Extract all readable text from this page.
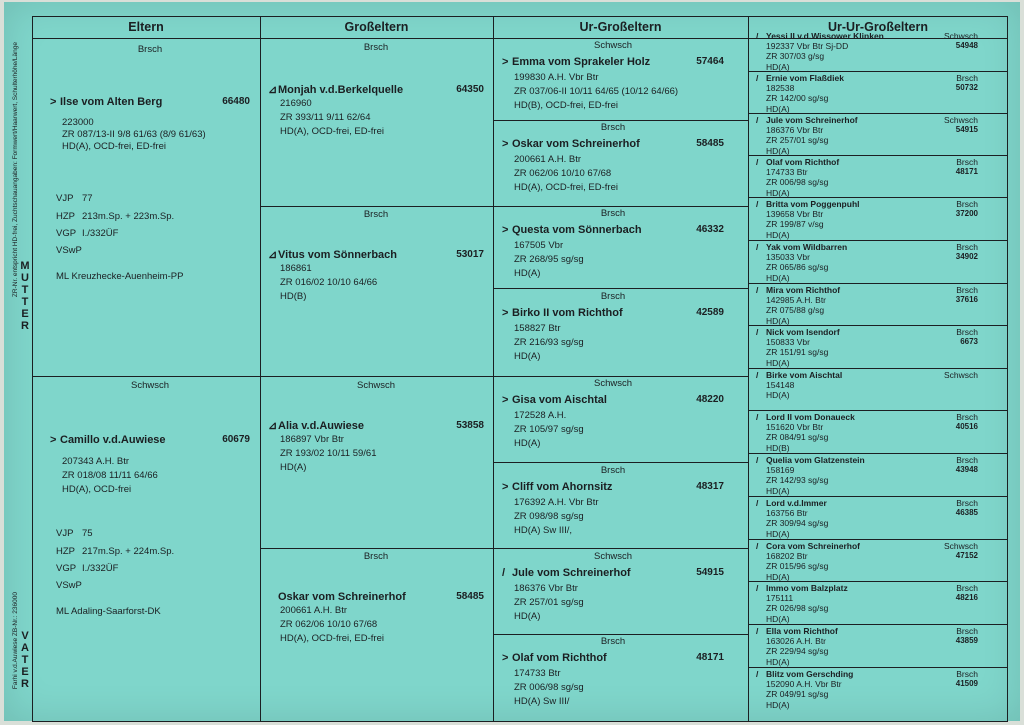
ZR-Nr. entspricht HD-frei, Zuchtschauangaben: Formwert/Haarwert, Schulterhöhe/Länge
Farhi v.d.Auwiese ZB-Nr.: 236000
MUTTER
VATER
Eltern	Großeltern	Ur-Großeltern	Ur-Ur-Großeltern
Brsch
> Ilse vom Alten Berg	66480
223000
ZR 087/13-II 9/8 61/63 (8/9 61/63)
HD(A), OCD-frei, ED-frei
VJP 77
HZP 213m.Sp. + 223m.Sp.
VGP I./332ÜF
VSwP
ML Kreuzhecke-Auenheim-PP
Schwsch
> Camillo v.d.Auwiese	60679
207343 A.H. Btr
ZR 018/08 11/11 64/66
HD(A), OCD-frei
VJP 75
HZP 217m.Sp. + 224m.Sp.
VGP I./332ÜF
VSwP
ML Adaling-Saarforst-DK
Brsch
⊿Monjah v.d.Berkelquelle	64350
216960
ZR 393/11 9/11 62/64
HD(A), OCD-frei, ED-frei
Brsch
⊿Vitus vom Sönnerbach	53017
186861
ZR 016/02 10/10 64/66
HD(B)
Schwsch
⊿Alia v.d.Auwiese	53858
186897 Vbr Btr
ZR 193/02 10/11 59/61
HD(A)
Brsch
Oskar vom Schreinerhof	58485
200661 A.H. Btr
ZR 062/06 10/10 67/68
HD(A), OCD-frei, ED-frei
Schwsch
> Emma vom Sprakeler Holz	57464
199830 A.H. Vbr Btr
ZR 037/06-II 10/11 64/65 (10/12 64/66)
HD(B), OCD-frei, ED-frei
Brsch
> Oskar vom Schreinerhof	58485
200661 A.H. Btr
ZR 062/06 10/10 67/68
HD(A), OCD-frei, ED-frei
Brsch
> Questa vom Sönnerbach	46332
167505 Vbr
ZR 268/95 sg/sg
HD(A)
Brsch
> Birko II vom Richthof	42589
158827 Btr
ZR 216/93 sg/sg
HD(A)
Schwsch
> Gisa vom Aischtal	48220
172528 A.H.
ZR 105/97 sg/sg
HD(A)
Brsch
> Cliff vom Ahornsitz	48317
176392 A.H. Vbr Btr
ZR 098/98 sg/sg
HD(A) Sw III/,
Schwsch
/ Jule vom Schreinerhof	54915
186376 Vbr Btr
ZR 257/01 sg/sg
HD(A)
Brsch
> Olaf vom Richthof	48171
174733 Btr
ZR 006/98 sg/sg
HD(A) Sw III/
/ Yessi II v.d.Wissower Klinken	Schwsch
192337 Vbr Btr Sj-DD	54948
ZR 307/03 g/sg
HD(A)
/ Ernie vom Flaßdiek	Brsch
182538	50732
ZR 142/00 sg/sg
HD(A)
/ Jule vom Schreinerhof	Schwsch
186376 Vbr Btr	54915
ZR 257/01 sg/sg
HD(A)
/ Olaf vom Richthof	Brsch
174733 Btr	48171
ZR 006/98 sg/sg
HD(A)
/ Britta vom Poggenpuhl	Brsch
139658 Vbr Btr	37200
ZR 199/87 v/sg
HD(A)
/ Yak vom Wildbarren	Brsch
135033 Vbr	34902
ZR 065/86 sg/sg
HD(A)
/ Mira vom Richthof	Brsch
142985 A.H. Btr	37616
ZR 075/88 g/sg
HD(A)
/ Nick vom Isendorf	Brsch
150833 Vbr	6673
ZR 151/91 sg/sg
HD(A)
/ Birke vom Aischtal	Schwsch
154148
HD(A)
/ Lord II vom Donaueck	Brsch
151620 Vbr Btr	40516
ZR 084/91 sg/sg
HD(B)
/ Quelia vom Glatzenstein	Brsch
158169	43948
ZR 142/93 sg/sg
HD(A)
/ Lord v.d.Immer	Brsch
163756 Btr	46385
ZR 309/94 sg/sg
HD(A)
/ Cora vom Schreinerhof	Schwsch
168202 Btr	47152
ZR 015/96 sg/sg
HD(A)
/ Immo vom Balzplatz	Brsch
175111	48216
ZR 026/98 sg/sg
HD(A)
/ Ella vom Richthof	Brsch
163026 A.H. Btr	43859
ZR 229/94 sg/sg
HD(A)
/ Blitz vom Gerschding	Brsch
152090 A.H. Vbr Btr	41509
ZR 049/91 sg/sg
HD(A)
